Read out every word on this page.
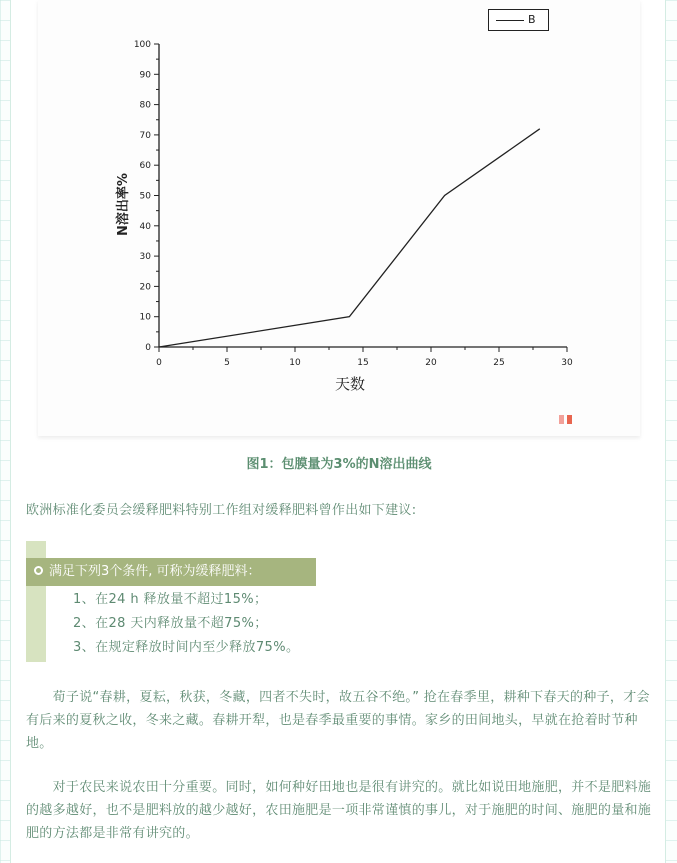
0	5	10	15	20	25	30
0
10
20
30
40
50
60
70
80
90
100
N溶出率%
天数
B
图1：包膜量为3%的N溶出曲线
欧洲标准化委员会缓释肥料特别工作组对缓释肥料曾作出如下建议:
满足下列3个条件, 可称为缓释肥料：
1、在24 h 释放量不超过15%；
2、在28 天内释放量不超75%；
3、在规定释放时间内至少释放75%。
　　荀子说“春耕，夏耘，秋获，冬藏，四者不失时，故五谷不绝。” 抢在春季里，耕种下春天的种子，才会有后来的夏秋之收，冬来之藏。春耕开犁，也是春季最重要的事情。家乡的田间地头，早就在抢着时节种地。
　　对于农民来说农田十分重要。同时，如何种好田地也是很有讲究的。就比如说田地施肥，并不是肥料施的越多越好，也不是肥料放的越少越好，农田施肥是一项非常谨慎的事儿，对于施肥的时间、施肥的量和施肥的方法都是非常有讲究的。
